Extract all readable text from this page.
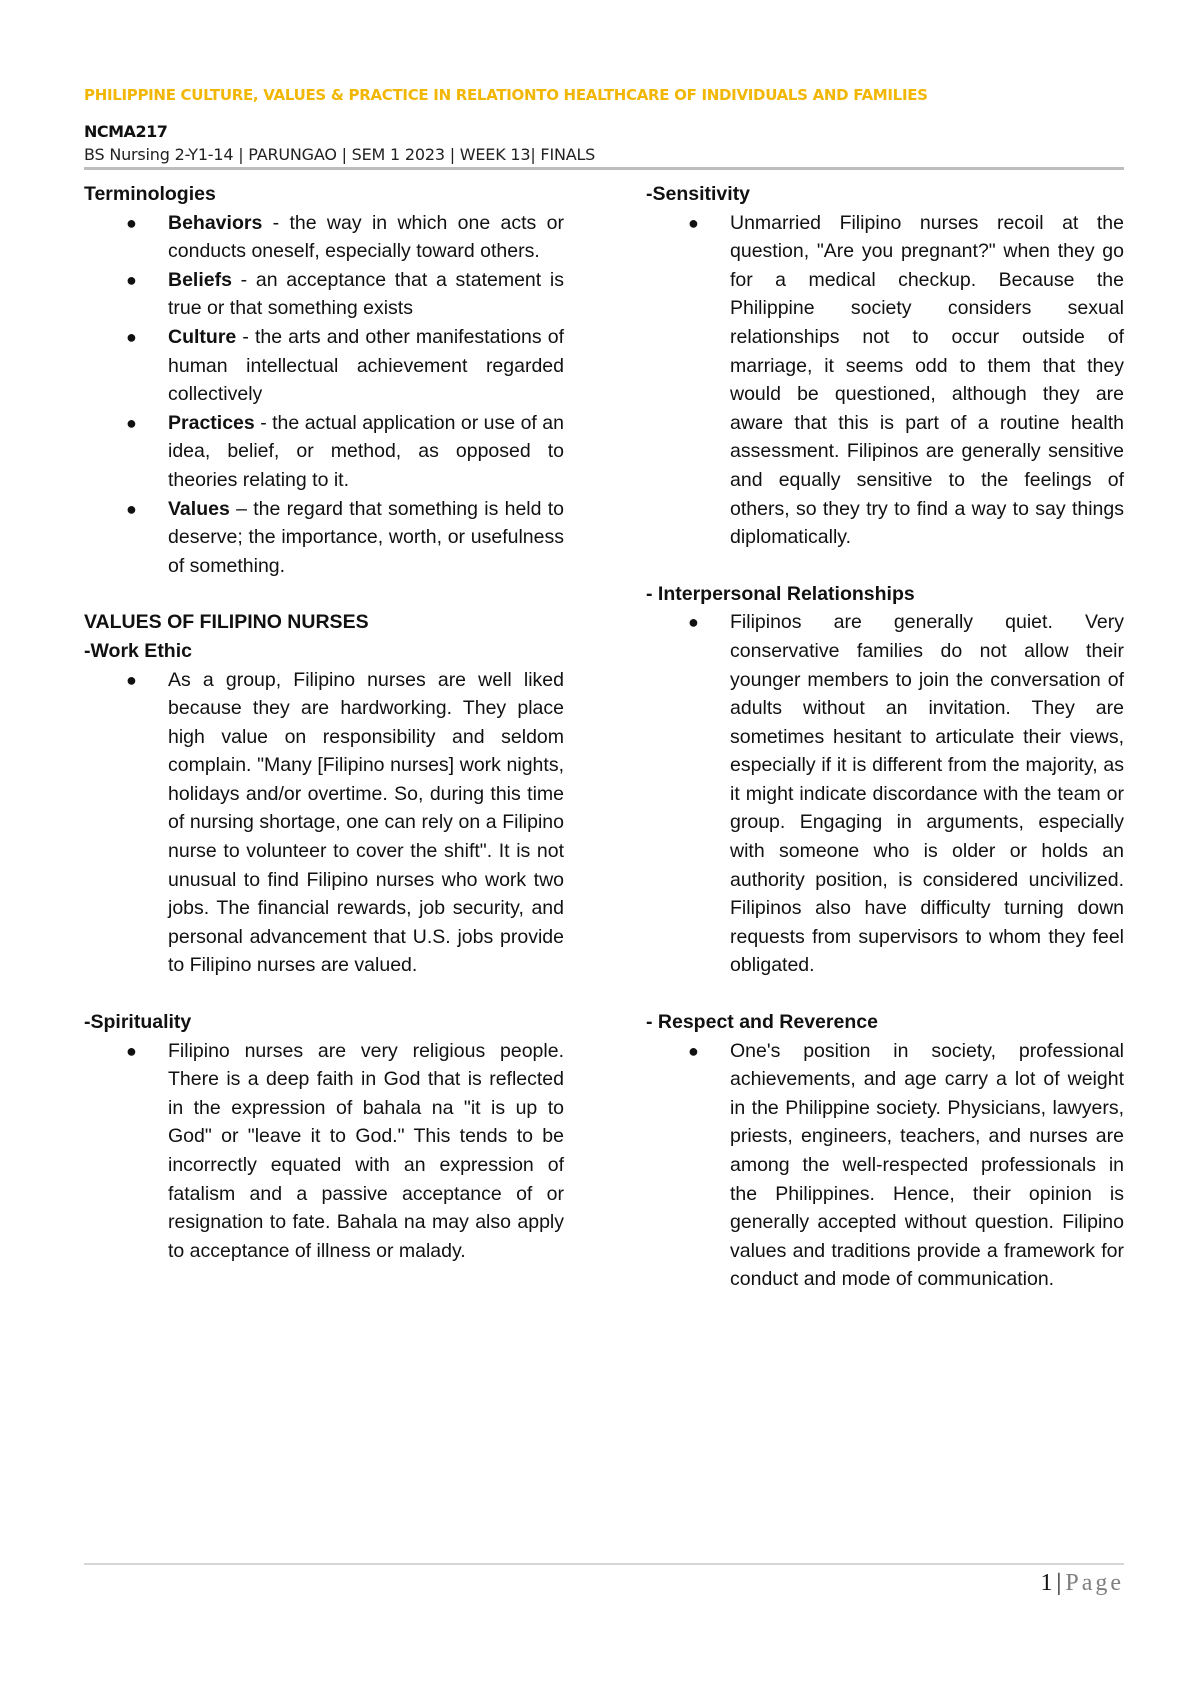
PHILIPPINE CULTURE, VALUES & PRACTICE IN RELATIONTO HEALTHCARE OF INDIVIDUALS AND FAMILIES
NCMA217
BS Nursing 2-Y1-14 | PARUNGAO | SEM 1 2023 | WEEK 13| FINALS

Terminologies

● Behaviors - the way in which one acts or conducts oneself, especially toward others.
● Beliefs - an acceptance that a statement is true or that something exists
● Culture - the arts and other manifestations of human intellectual achievement regarded collectively
● Practices - the actual application or use of an idea, belief, or method, as opposed to theories relating to it.
● Values – the regard that something is held to deserve; the importance, worth, or usefulness of something.

VALUES OF FILIPINO NURSES

-Work Ethic

● As a group, Filipino nurses are well liked because they are hardworking. They place high value on responsibility and seldom complain. "Many [Filipino nurses] work nights, holidays and/or overtime. So, during this time of nursing shortage, one can rely on a Filipino nurse to volunteer to cover the shift". It is not unusual to find Filipino nurses who work two jobs. The financial rewards, job security, and personal advancement that U.S. jobs provide to Filipino nurses are valued.

-Spirituality

● Filipino nurses are very religious people. There is a deep faith in God that is reflected in the expression of bahala na "it is up to God" or "leave it to God." This tends to be incorrectly equated with an expression of fatalism and a passive acceptance of or resignation to fate. Bahala na may also apply to acceptance of illness or malady.

-Sensitivity

● Unmarried Filipino nurses recoil at the question, "Are you pregnant?" when they go for a medical checkup. Because the Philippine society considers sexual relationships not to occur outside of marriage, it seems odd to them that they would be questioned, although they are aware that this is part of a routine health assessment. Filipinos are generally sensitive and equally sensitive to the feelings of others, so they try to find a way to say things diplomatically.

- Interpersonal Relationships

● Filipinos are generally quiet. Very conservative families do not allow their younger members to join the conversation of adults without an invitation. They are sometimes hesitant to articulate their views, especially if it is different from the majority, as it might indicate discordance with the team or group. Engaging in arguments, especially with someone who is older or holds an authority position, is considered uncivilized. Filipinos also have difficulty turning down requests from supervisors to whom they feel obligated.

- Respect and Reverence

● One's position in society, professional achievements, and age carry a lot of weight in the Philippine society. Physicians, lawyers, priests, engineers, teachers, and nurses are among the well-respected professionals in the Philippines. Hence, their opinion is generally accepted without question. Filipino values and traditions provide a framework for conduct and mode of communication.
1 | Page
